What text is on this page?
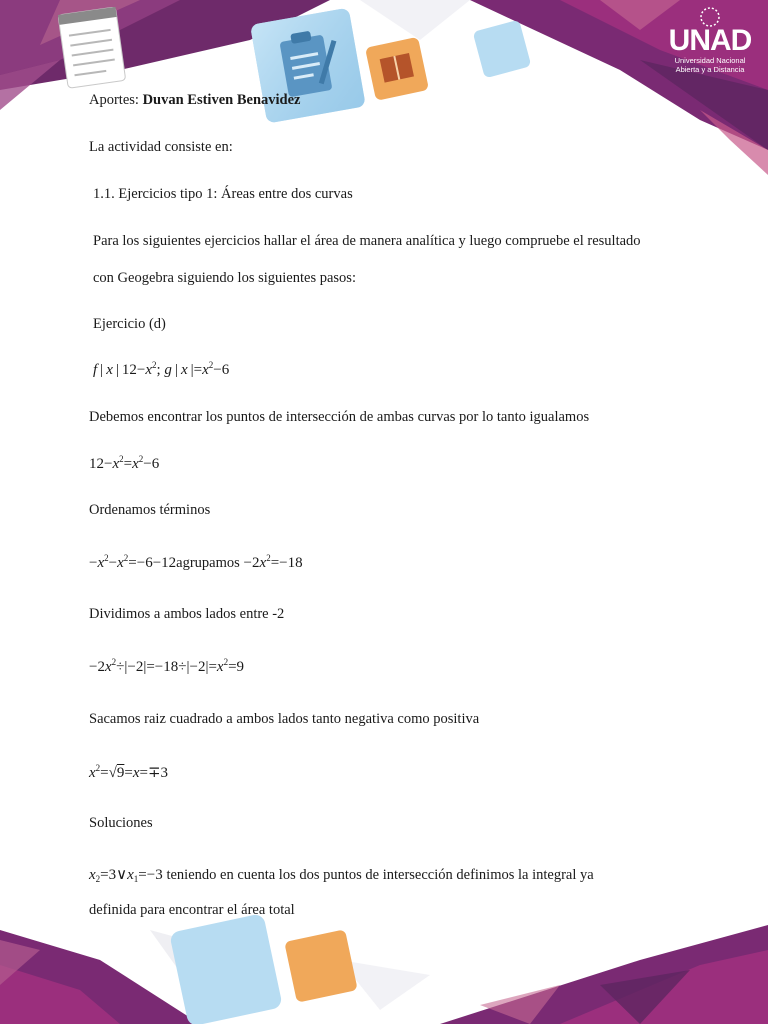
UNAD
Universidad Nacional
Abierta y a Distancia
Aportes: Duvan Estiven Benavidez
La actividad consiste en:
1.1. Ejercicios tipo 1: Áreas entre dos curvas
Para los siguientes ejercicios hallar el área de manera analítica y luego compruebe el resultado
con Geogebra siguiendo los siguientes pasos:
Ejercicio (d)
f | x | $12-x^2$; g | x $|=x^2-6$
Debemos encontrar los puntos de intersección de ambas curvas por lo tanto igualamos
$12-x^2=x^2-6$
Ordenamos términos
$-x^2-x^2=-6-12agrupamos -2x^2=-18$
Dividimos a ambos lados entre -2
$-2x^2\div|-2|=-18\div|-2|=x^2=9$
Sacamos raiz cuadrado a ambos lados tanto negativa como positiva
$x^2=√9=x=\mp 3$
Soluciones
$x_2=3\vee x_1=-3$ teniendo en cuenta los dos puntos de intersección definimos la integral ya
definida para encontrar el área total
